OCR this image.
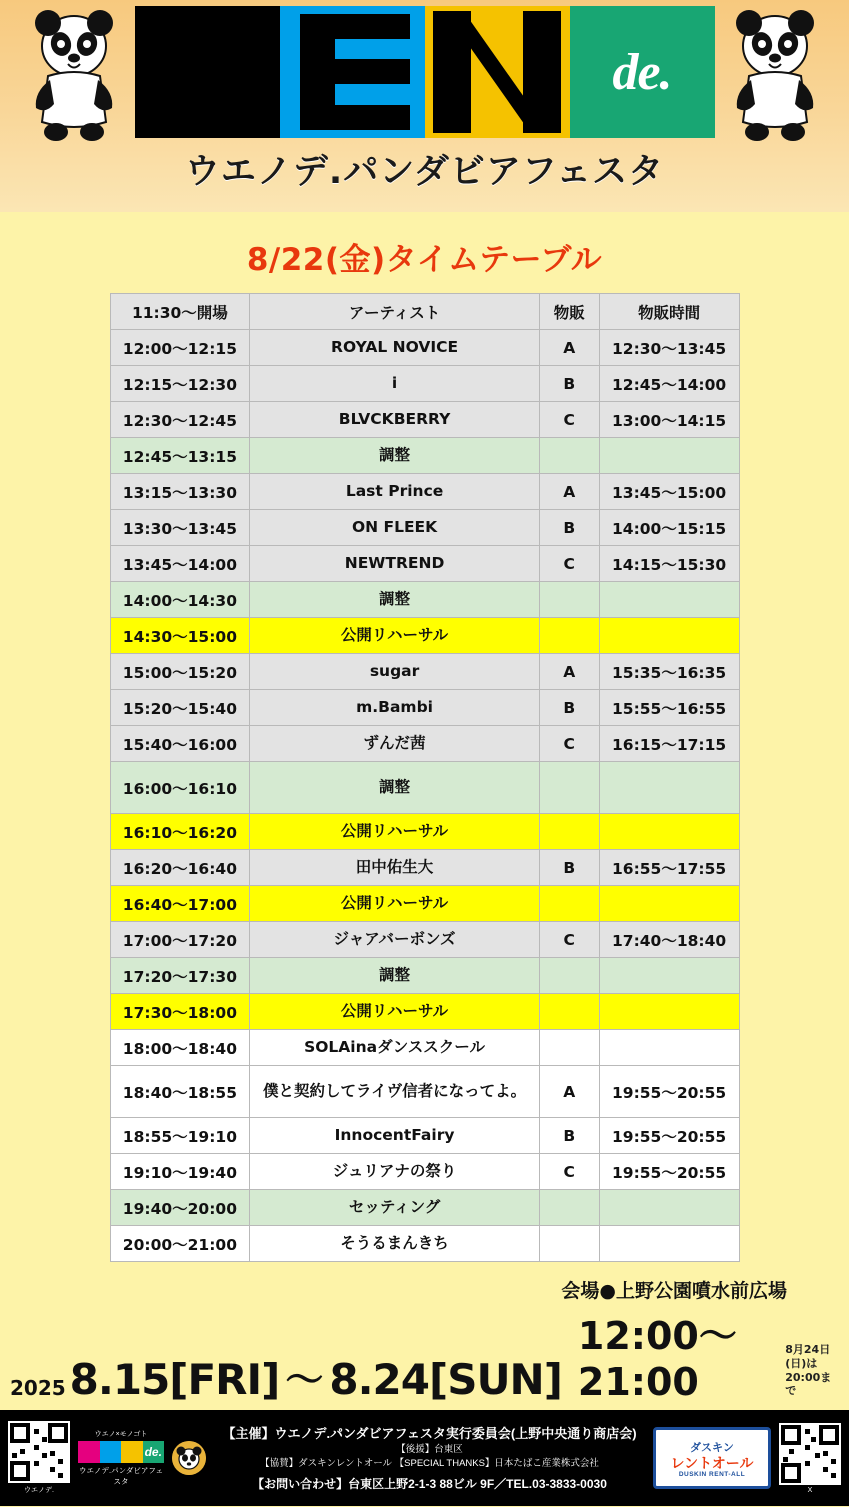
de.
ウエノデ.パンダビアフェスタ
8/22(金)タイムテーブル
11:30〜開場	アーティスト	物販	物販時間
12:00〜12:15	ROYAL NOVICE	A	12:30〜13:45
12:15〜12:30	i	B	12:45〜14:00
12:30〜12:45	BLVCKBERRY	C	13:00〜14:15
12:45〜13:15	調整		
13:15〜13:30	Last Prince	A	13:45〜15:00
13:30〜13:45	ON FLEEK	B	14:00〜15:15
13:45〜14:00	NEWTREND	C	14:15〜15:30
14:00〜14:30	調整		
14:30〜15:00	公開リハーサル		
15:00〜15:20	sugar	A	15:35〜16:35
15:20〜15:40	m.Bambi	B	15:55〜16:55
15:40〜16:00	ずんだ茜	C	16:15〜17:15
16:00〜16:10	調整		
16:10〜16:20	公開リハーサル		
16:20〜16:40	田中佑生大	B	16:55〜17:55
16:40〜17:00	公開リハーサル		
17:00〜17:20	ジャアバーボンズ	C	17:40〜18:40
17:20〜17:30	調整		
17:30〜18:00	公開リハーサル		
18:00〜18:40	SOLAinaダンススクール		
18:40〜18:55	僕と契約してライヴ信者になってよ。	A	19:55〜20:55
18:55〜19:10	InnocentFairy	B	19:55〜20:55
19:10〜19:40	ジュリアナの祭り	C	19:55〜20:55
19:40〜20:00	セッティング		
20:00〜21:00	そうるまんきち		
会場●上野公園噴水前広場
2025 8.15[FRI] 〜 8.24[SUN]
12:00〜21:00
8月24日(日)は
20:00まで
ウエノデ.
ウエノ×モノゴト
de.
ウエノデ.パンダビアフェスタ
【主催】ウエノデ.パンダビアフェスタ実行委員会(上野中央通り商店会)
【後援】台東区
【協賛】ダスキンレントオール 【SPECIAL THANKS】日本たばこ産業株式会社
【お問い合わせ】台東区上野2-1-3 88ビル 9F／TEL.03-3833-0030
ダスキン
レントオール
DUSKIN RENT-ALL
X
